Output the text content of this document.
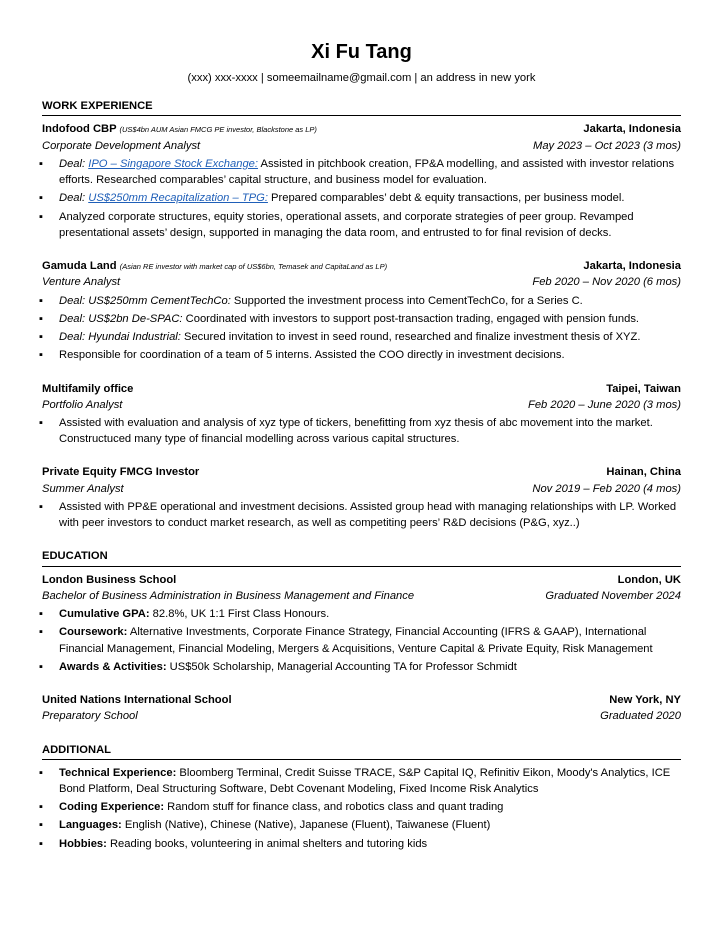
Xi Fu Tang
(xxx) xxx-xxxx | someemailname@gmail.com | an address in new york
WORK EXPERIENCE
Indofood CBP (US$4bn AUM Asian FMCG PE investor, Blackstone as LP)	Jakarta, Indonesia
Corporate Development Analyst	May 2023 – Oct 2023 (3 mos)
▪ Deal: IPO – Singapore Stock Exchange: Assisted in pitchbook creation, FP&A modelling, and assisted with investor relations efforts. Researched comparables’ capital structure, and business model for evaluation.
▪ Deal: US$250mm Recapitalization – TPG: Prepared comparables’ debt & equity transactions, per business model.
▪ Analyzed corporate structures, equity stories, operational assets, and corporate strategies of peer group. Revamped presentational assets’ design, supported in managing the data room, and entrusted to for final revision of decks.
Gamuda Land (Asian RE investor with market cap of US$6bn, Temasek and CapitaLand as LP)	Jakarta, Indonesia
Venture Analyst	Feb 2020 – Nov 2020 (6 mos)
▪ Deal: US$250mm CementTechCo: Supported the investment process into CementTechCo, for a Series C.
▪ Deal: US$2bn De-SPAC: Coordinated with investors to support post-transaction trading, engaged with pension funds.
▪ Deal: Hyundai Industrial: Secured invitation to invest in seed round, researched and finalize investment thesis of XYZ.
▪ Responsible for coordination of a team of 5 interns. Assisted the COO directly in investment decisions.
Multifamily office	Taipei, Taiwan
Portfolio Analyst	Feb 2020 – June 2020 (3 mos)
▪ Assisted with evaluation and analysis of xyz type of tickers, benefitting from xyz thesis of abc movement into the market. Constructuced many type of financial modelling across various capital structures.
Private Equity FMCG Investor	Hainan, China
Summer Analyst	Nov 2019 – Feb 2020 (4 mos)
▪ Assisted with PP&E operational and investment decisions. Assisted group head with managing relationships with LP. Worked with peer investors to conduct market research, as well as competiting peers’ R&D decisions (P&G, xyz..)
EDUCATION
London Business School	London, UK
Bachelor of Business Administration in Business Management and Finance	Graduated November 2024
▪ Cumulative GPA: 82.8%, UK 1:1 First Class Honours.
▪ Coursework: Alternative Investments, Corporate Finance Strategy, Financial Accounting (IFRS & GAAP), International Financial Management, Financial Modeling, Mergers & Acquisitions, Venture Capital & Private Equity, Risk Management
▪ Awards & Activities: US$50k Scholarship, Managerial Accounting TA for Professor Schmidt
United Nations International School	New York, NY
Preparatory School	Graduated 2020
ADDITIONAL
▪ Technical Experience: Bloomberg Terminal, Credit Suisse TRACE, S&P Capital IQ, Refinitiv Eikon, Moody's Analytics, ICE Bond Platform, Deal Structuring Software, Debt Covenant Modeling, Fixed Income Risk Analytics
▪ Coding Experience: Random stuff for finance class, and robotics class and quant trading
▪ Languages: English (Native), Chinese (Native), Japanese (Fluent), Taiwanese (Fluent)
▪ Hobbies: Reading books, volunteering in animal shelters and tutoring kids
